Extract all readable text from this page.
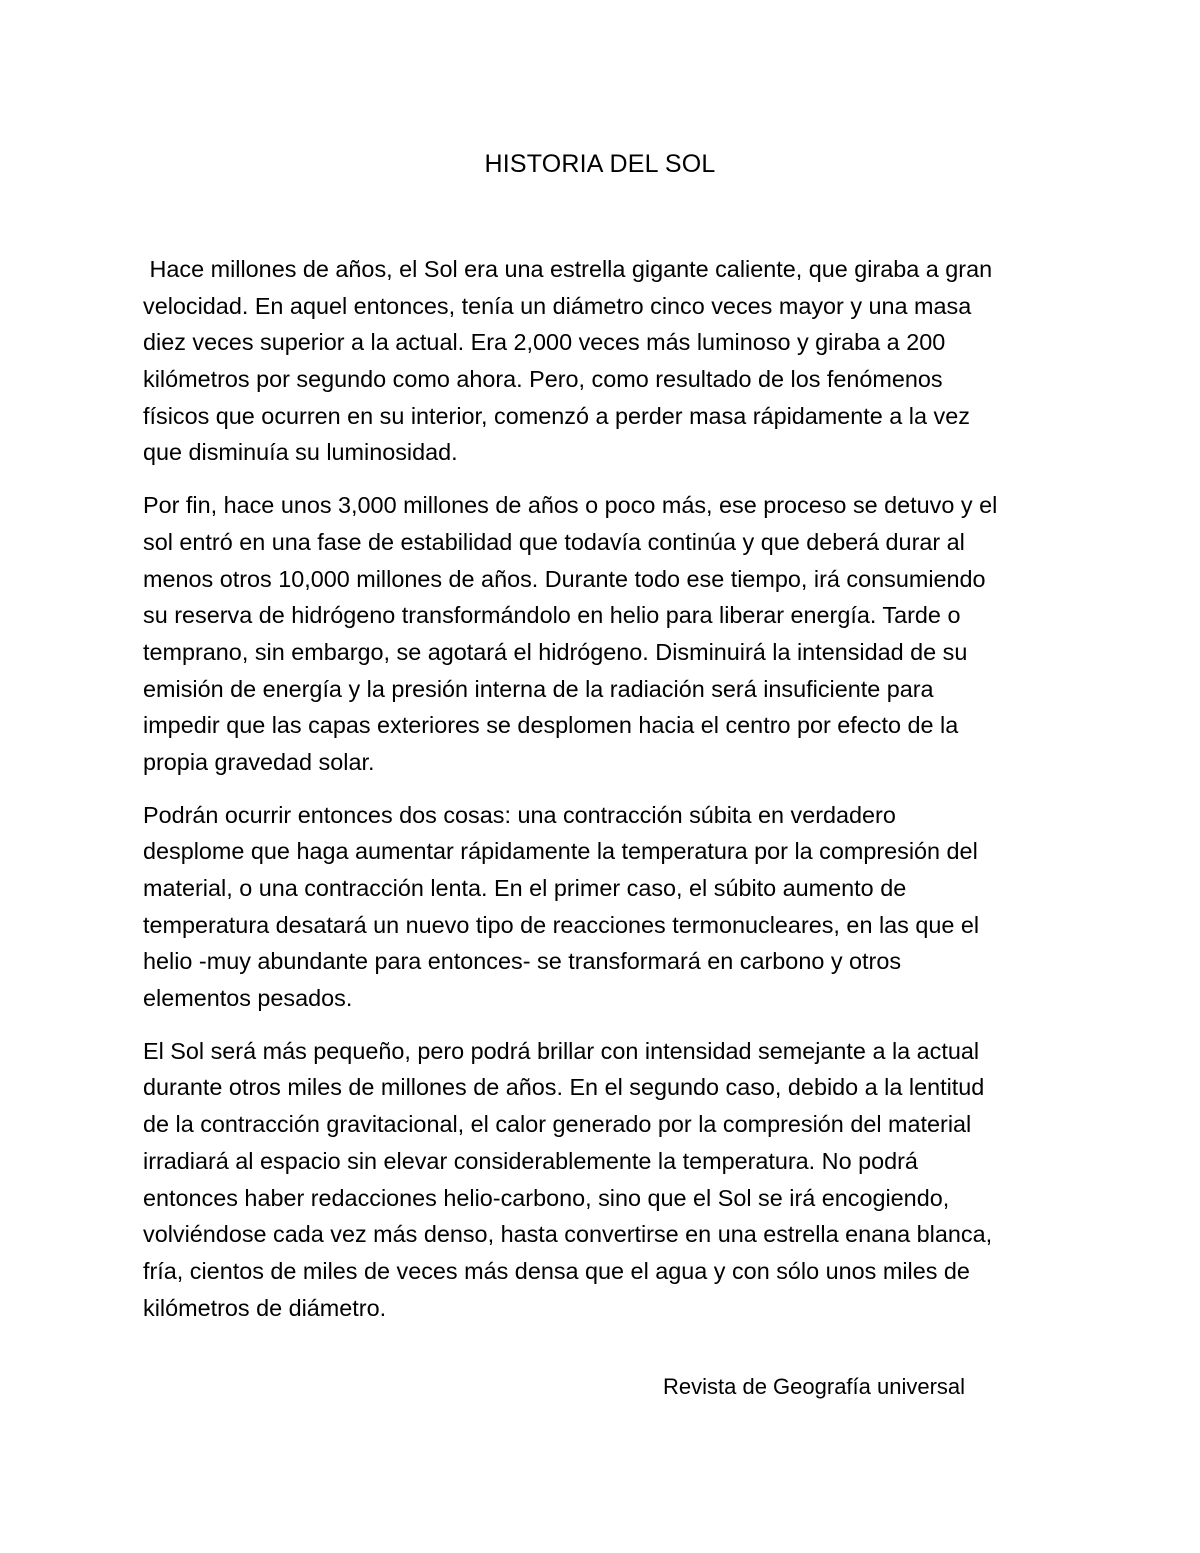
HISTORIA DEL SOL

Hace millones de años, el Sol era una estrella gigante caliente, que giraba a gran
velocidad. En aquel entonces, tenía un diámetro cinco veces mayor y una masa
diez veces superior a la actual. Era 2,000 veces más luminoso y giraba a 200
kilómetros por segundo como ahora. Pero, como resultado de los fenómenos
físicos que ocurren en su interior, comenzó a perder masa rápidamente a la vez
que disminuía su luminosidad.

Por fin, hace unos 3,000 millones de años o poco más, ese proceso se detuvo y el
sol entró en una fase de estabilidad que todavía continúa y que deberá durar al
menos otros 10,000 millones de años. Durante todo ese tiempo, irá consumiendo
su reserva de hidrógeno transformándolo en helio para liberar energía. Tarde o
temprano, sin embargo, se agotará el hidrógeno. Disminuirá la intensidad de su
emisión de energía y la presión interna de la radiación será insuficiente para
impedir que las capas exteriores se desplomen hacia el centro por efecto de la
propia gravedad solar.

Podrán ocurrir entonces dos cosas: una contracción súbita en verdadero
desplome que haga aumentar rápidamente la temperatura por la compresión del
material, o una contracción lenta. En el primer caso, el súbito aumento de
temperatura desatará un nuevo tipo de reacciones termonucleares, en las que el
helio -muy abundante para entonces- se transformará en carbono y otros
elementos pesados.

El Sol será más pequeño, pero podrá brillar con intensidad semejante a la actual
durante otros miles de millones de años. En el segundo caso, debido a la lentitud
de la contracción gravitacional, el calor generado por la compresión del material
irradiará al espacio sin elevar considerablemente la temperatura. No podrá
entonces haber redacciones helio-carbono, sino que el Sol se irá encogiendo,
volviéndose cada vez más denso, hasta convertirse en una estrella enana blanca,
fría, cientos de miles de veces más densa que el agua y con sólo unos miles de
kilómetros de diámetro.

Revista de Geografía universal
